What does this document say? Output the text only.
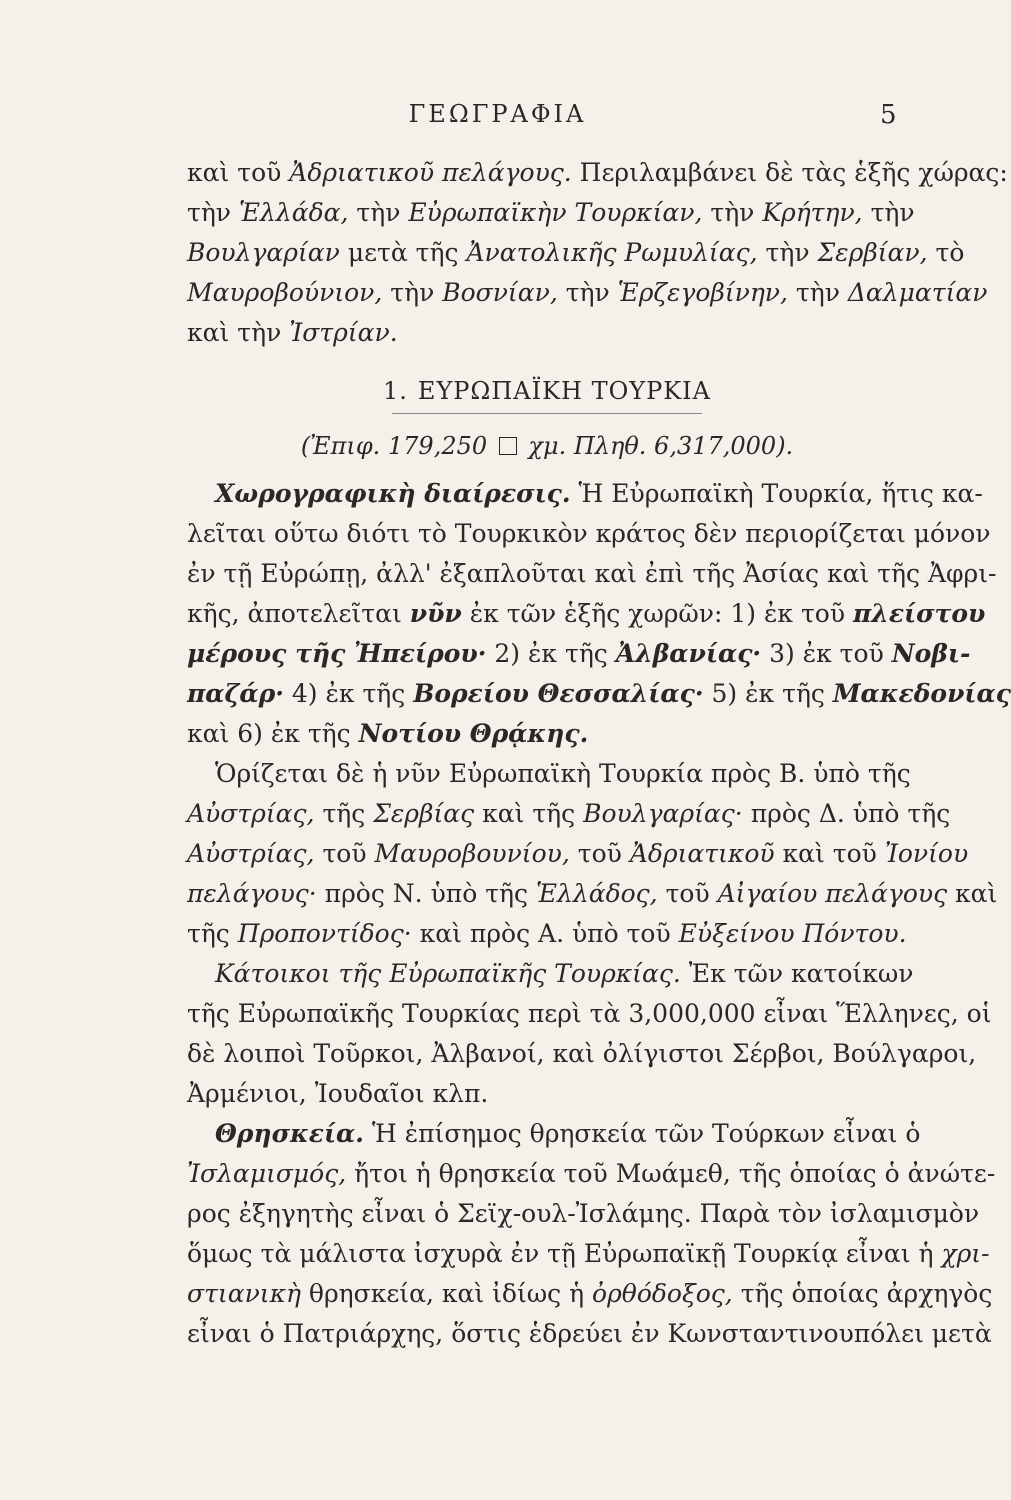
ΓΕΩΓΡΑΦΙΑ	5
καὶ τοῦ Ἀδριατικοῦ πελάγους. Περιλαμβάνει δὲ τὰς ἑξῆς χώρας:
τὴν Ἑλλάδα, τὴν Εὐρωπαϊκὴν Τουρκίαν, τὴν Κρήτην, τὴν
Βουλγαρίαν μετὰ τῆς Ἀνατολικῆς Ρωμυλίας, τὴν Σερβίαν, τὸ
Μαυροβούνιον, τὴν Βοσνίαν, τὴν Ἑρζεγοβίνην, τὴν Δαλματίαν
καὶ τὴν Ἰστρίαν.
1. ΕΥΡΩΠΑΪΚΗ ΤΟΥΡΚΙΑ
(Ἐπιφ. 179,250 χμ. Πληθ. 6,317,000).
Χωρογραφικὴ διαίρεσις. Ἡ Εὐρωπαϊκὴ Τουρκία, ἥτις κα-
λεῖται οὕτω διότι τὸ Τουρκικὸν κράτος δὲν περιορίζεται μόνον
ἐν τῇ Εὐρώπῃ, ἀλλ' ἐξαπλοῦται καὶ ἐπὶ τῆς Ἀσίας καὶ τῆς Ἀφρι-
κῆς, ἀποτελεῖται νῦν ἐκ τῶν ἑξῆς χωρῶν: 1) ἐκ τοῦ πλείστου
μέρους τῆς Ἠπείρου· 2) ἐκ τῆς Ἀλβανίας· 3) ἐκ τοῦ Νοβι-
παζάρ· 4) ἐκ τῆς Βορείου Θεσσαλίας· 5) ἐκ τῆς Μακεδονίας
καὶ 6) ἐκ τῆς Νοτίου Θρᾴκης.
Ὁρίζεται δὲ ἡ νῦν Εὐρωπαϊκὴ Τουρκία πρὸς Β. ὑπὸ τῆς
Αὐστρίας, τῆς Σερβίας καὶ τῆς Βουλγαρίας· πρὸς Δ. ὑπὸ τῆς
Αὐστρίας, τοῦ Μαυροβουνίου, τοῦ Ἀδριατικοῦ καὶ τοῦ Ἰονίου
πελάγους· πρὸς Ν. ὑπὸ τῆς Ἑλλάδος, τοῦ Αἰγαίου πελάγους καὶ
τῆς Προποντίδος· καὶ πρὸς Α. ὑπὸ τοῦ Εὐξείνου Πόντου.
Κάτοικοι τῆς Εὐρωπαϊκῆς Τουρκίας. Ἐκ τῶν κατοίκων
τῆς Εὐρωπαϊκῆς Τουρκίας περὶ τὰ 3,000,000 εἶναι Ἕλληνες, οἱ
δὲ λοιποὶ Τοῦρκοι, Ἀλβανοί, καὶ ὀλίγιστοι Σέρβοι, Βούλγαροι,
Ἀρμένιοι, Ἰουδαῖοι κλπ.
Θρησκεία. Ἡ ἐπίσημος θρησκεία τῶν Τούρκων εἶναι ὁ
Ἰσλαμισμός, ἤτοι ἡ θρησκεία τοῦ Μωάμεθ, τῆς ὁποίας ὁ ἀνώτε-
ρος ἐξηγητὴς εἶναι ὁ Σεϊχ-ουλ-Ἰσλάμης. Παρὰ τὸν ἰσλαμισμὸν
ὅμως τὰ μάλιστα ἰσχυρὰ ἐν τῇ Εὐρωπαϊκῇ Τουρκίᾳ εἶναι ἡ χρι-
στιανικὴ θρησκεία, καὶ ἰδίως ἡ ὀρθόδοξος, τῆς ὁποίας ἀρχηγὸς
εἶναι ὁ Πατριάρχης, ὅστις ἑδρεύει ἐν Κωνσταντινουπόλει μετὰ
